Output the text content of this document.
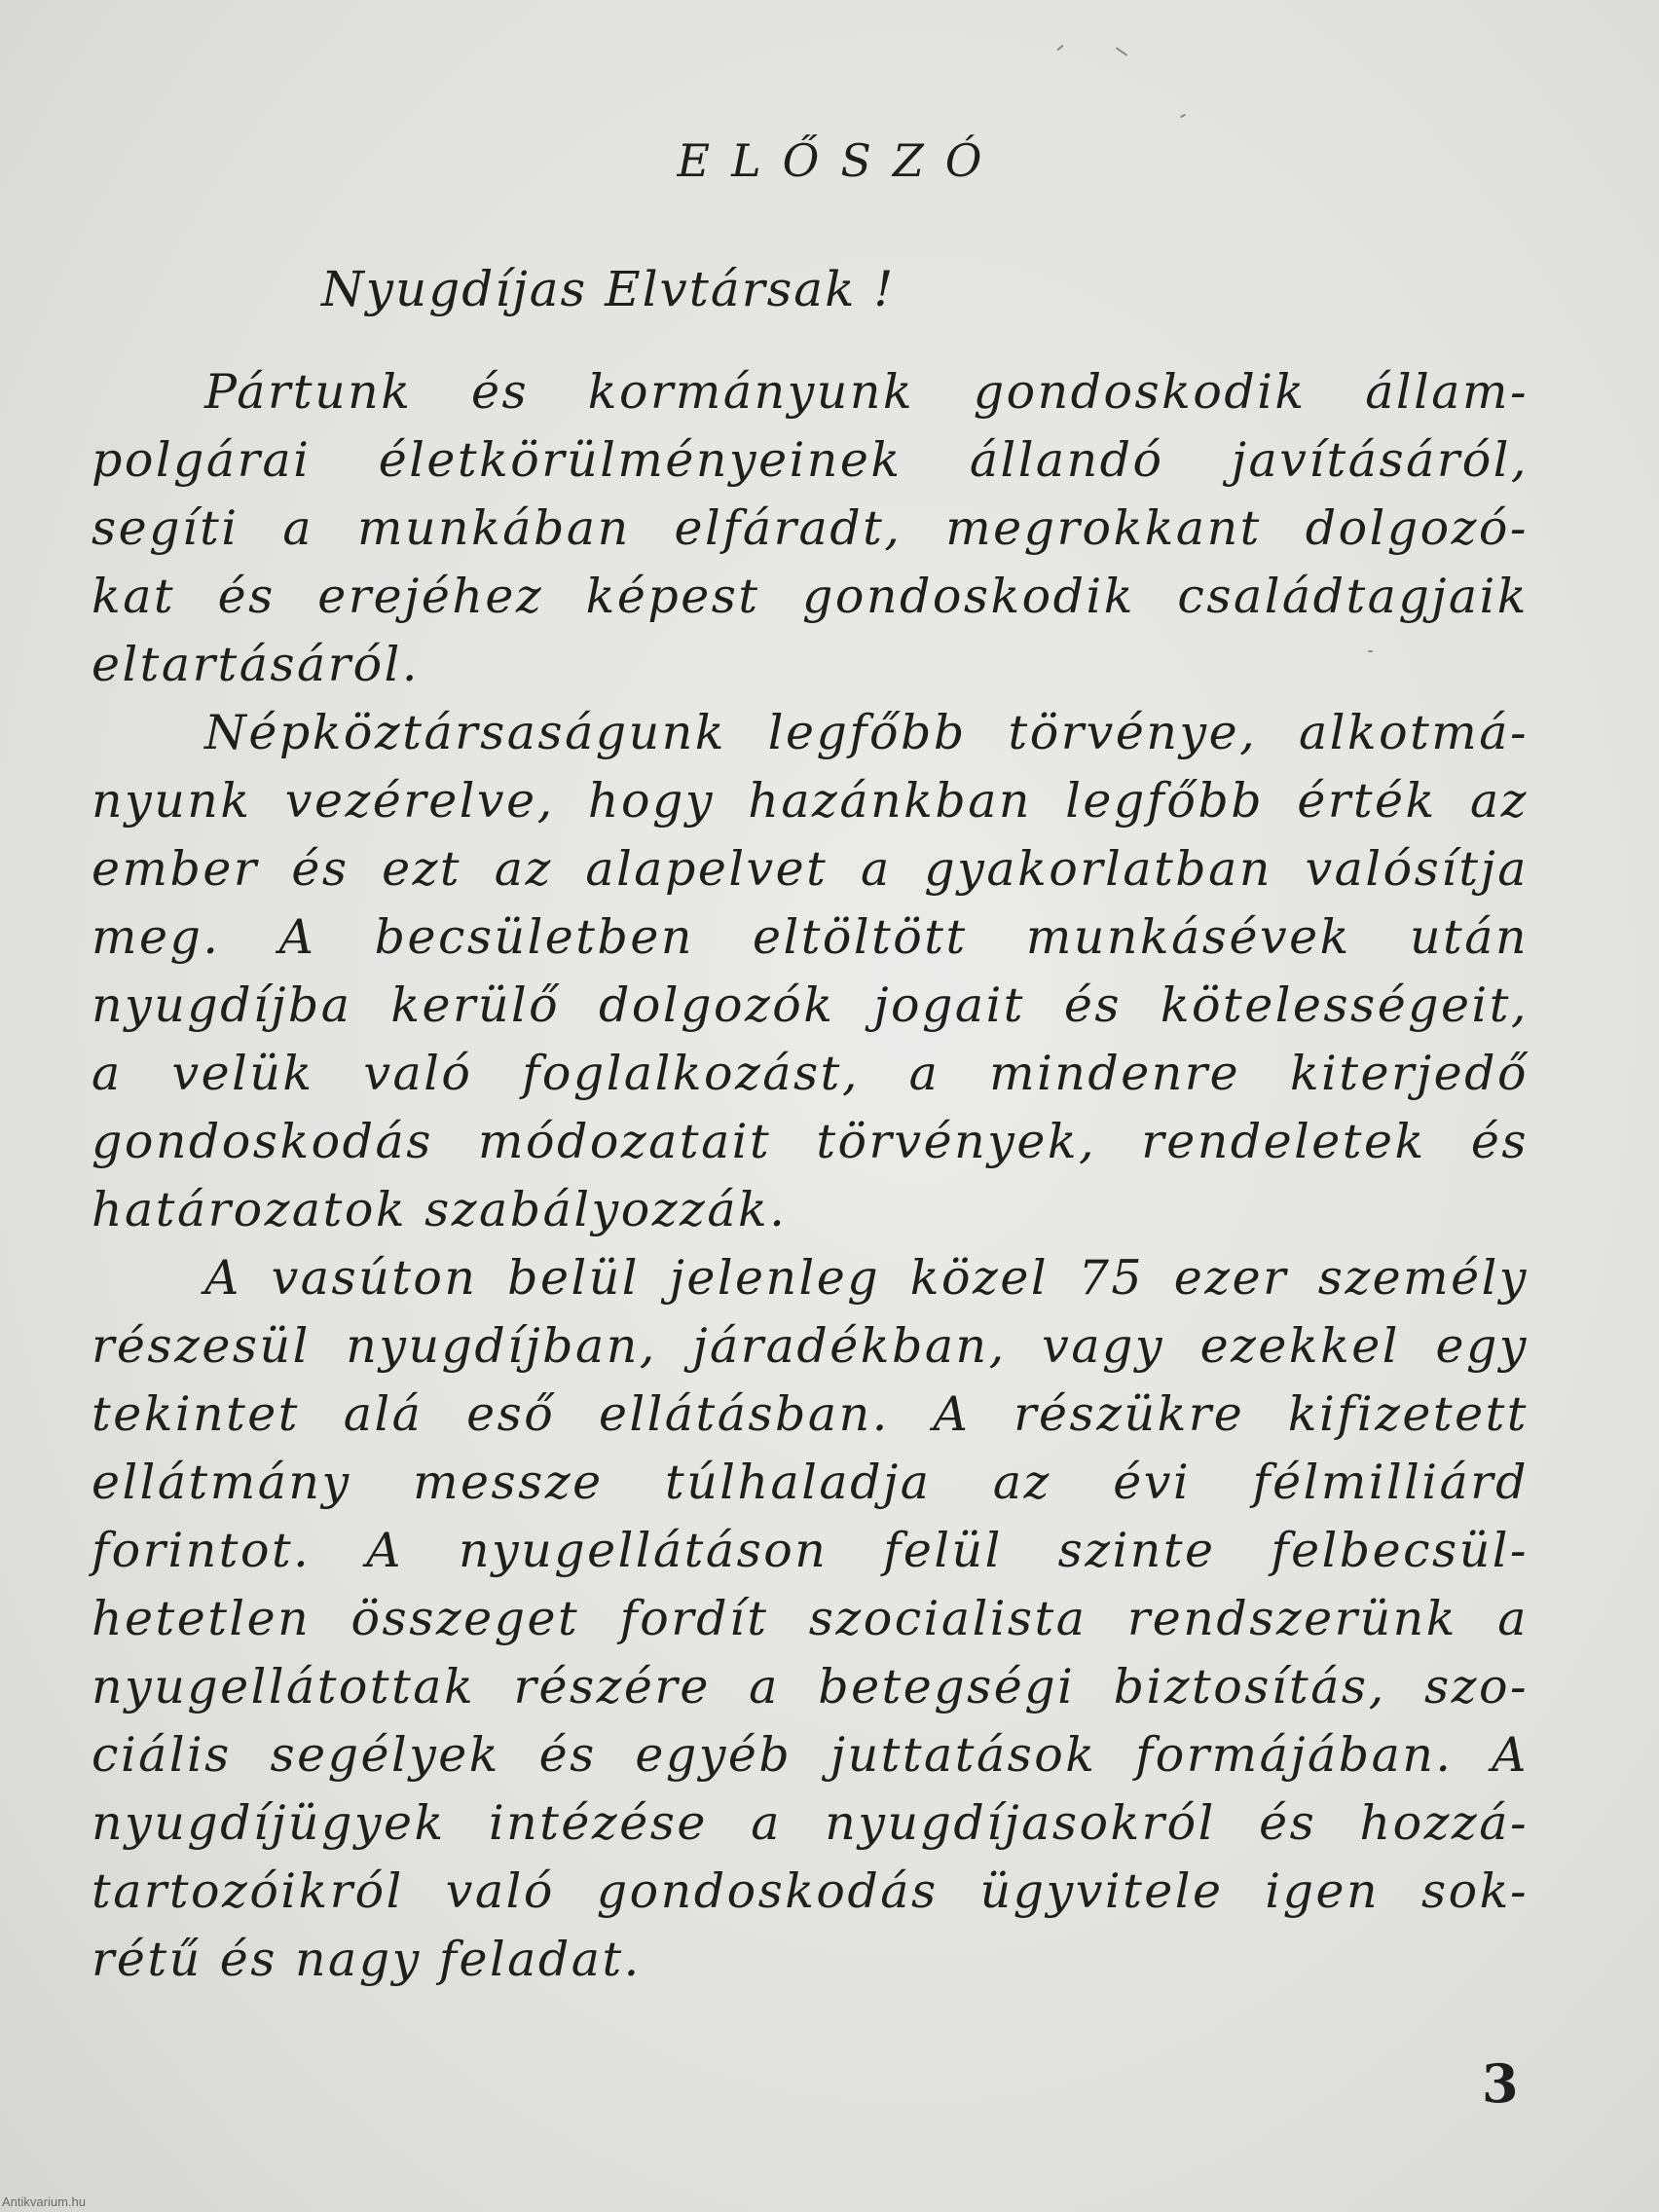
ELŐSZÓ
Nyugdíjas Elvtársak !
Pártunk és kormányunk gondoskodik állam-
polgárai életkörülményeinek állandó javításáról,
segíti a munkában elfáradt, megrokkant dolgozó-
kat és erejéhez képest gondoskodik családtagjaik
eltartásáról.
Népköztársaságunk legfőbb törvénye, alkotmá-
nyunk vezérelve, hogy hazánkban legfőbb érték az
ember és ezt az alapelvet a gyakorlatban valósítja
meg. A becsületben eltöltött munkásévek után
nyugdíjba kerülő dolgozók jogait és kötelességeit,
a velük való foglalkozást, a mindenre kiterjedő
gondoskodás módozatait törvények, rendeletek és
határozatok szabályozzák.
A vasúton belül jelenleg közel 75 ezer személy
részesül nyugdíjban, járadékban, vagy ezekkel egy
tekintet alá eső ellátásban. A részükre kifizetett
ellátmány messze túlhaladja az évi félmilliárd
forintot. A nyugellátáson felül szinte felbecsül-
hetetlen összeget fordít szocialista rendszerünk a
nyugellátottak részére a betegségi biztosítás, szo-
ciális segélyek és egyéb juttatások formájában. A
nyugdíjügyek intézése a nyugdíjasokról és hozzá-
tartozóikról való gondoskodás ügyvitele igen sok-
rétű és nagy feladat.
3
Antikvarium.hu
